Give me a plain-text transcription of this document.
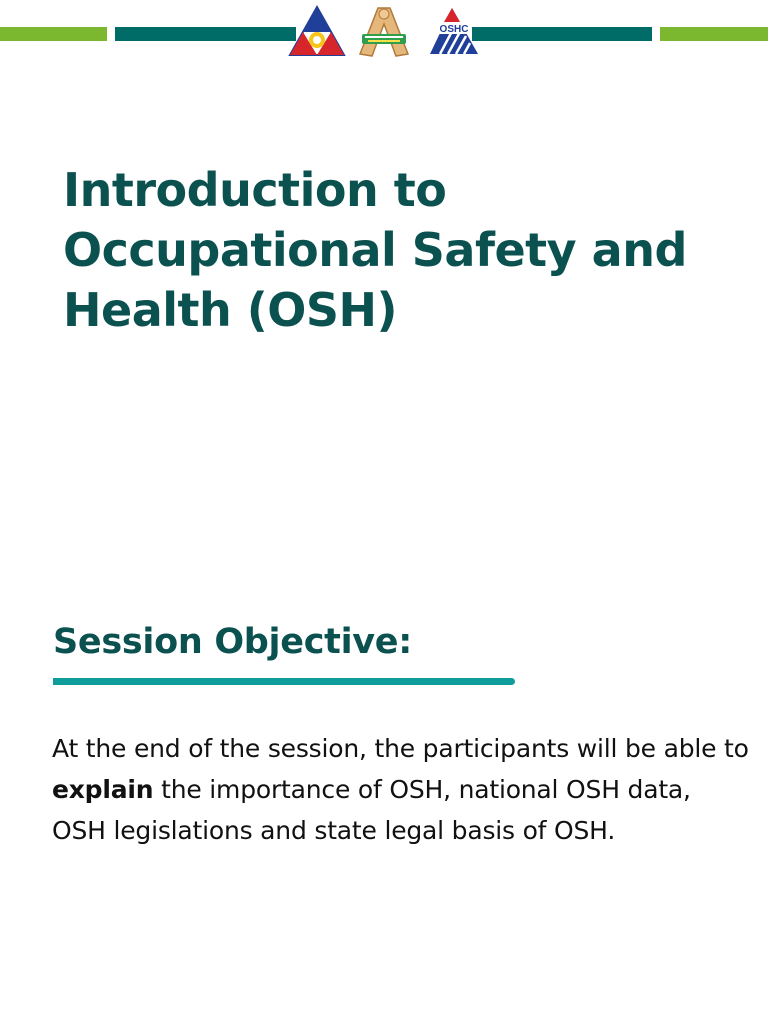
OSHC
Introduction to
Occupational Safety and
Health (OSH)
Session Objective:

At the end of the session, the participants will be able to explain the importance of OSH, national OSH data, OSH legislations and state legal basis of OSH.
